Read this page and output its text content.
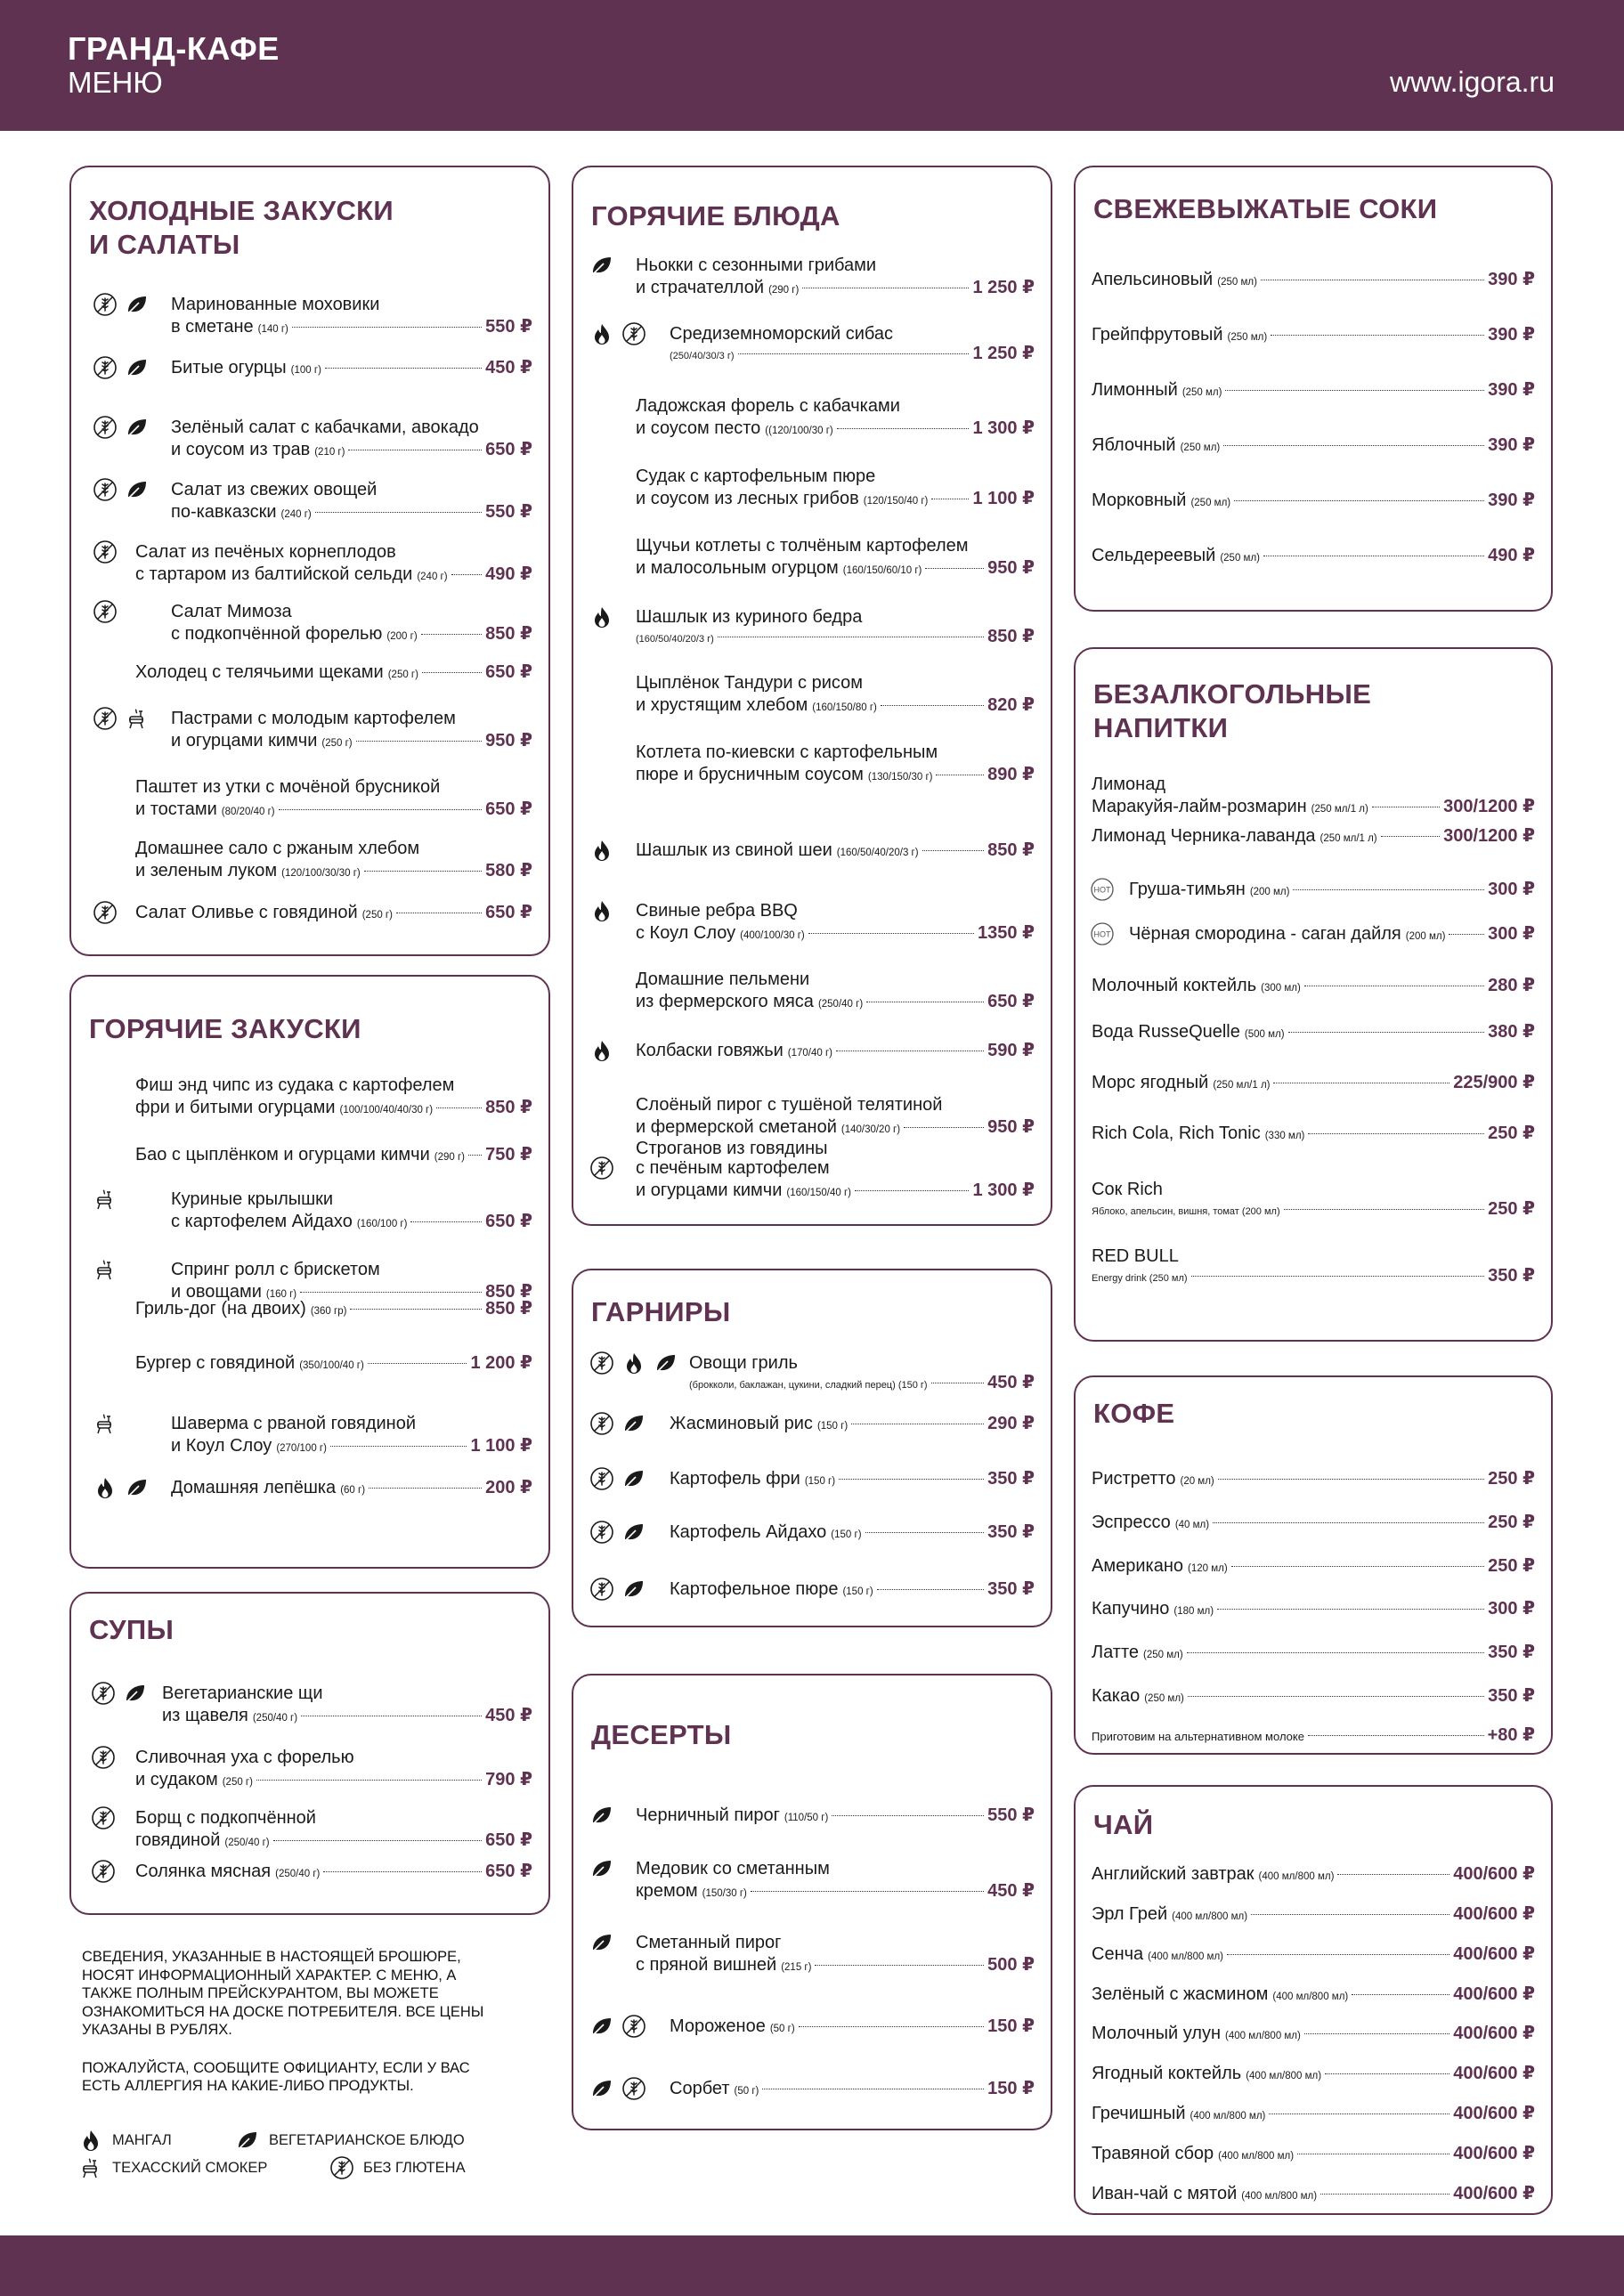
ГРАНД-КАФЕ
МЕНЮ	www.igora.ru
ХОЛОДНЫЕ ЗАКУСКИ
И САЛАТЫ
Маринованные моховики
в сметане (140 г)	550 ₽
Битые огурцы (100 г)	450 ₽
Зелёный салат с кабачками, авокадо
и соусом из трав (210 г)	650 ₽
Салат из свежих овощей
по-кавказски (240 г)	550 ₽
Салат из печёных корнеплодов
с тартаром из балтийской сельди (240 г) 490 ₽
Салат Мимоза
с подкопчённой форелью (200 г)	850 ₽
Холодец с телячьими щеками (250 г)	650 ₽
Пастрами с молодым картофелем
и огурцами кимчи (250 г)	950 ₽
Паштет из утки с мочёной брусникой
и тостами (80/20/40 г)	650 ₽
Домашнее сало с ржаным хлебом
и зеленым луком (120/100/30/30 г)	580 ₽
Салат Оливье с говядиной (250 г)	650 ₽
ГОРЯЧИЕ ЗАКУСКИ
Фиш энд чипс из судака с картофелем
фри и битыми огурцами (100/100/40/40/30 г)	850 ₽
Бао с цыплёнком и огурцами кимчи (290 г) 750 ₽
Куриные крылышки
с картофелем Айдахо (160/100 г)	650 ₽
Спринг ролл с брискетом
и овощами (160 г)	850 ₽
Гриль-дог (на двоих) (360 гр)	850 ₽
Бургер с говядиной (350/100/40 г)	1 200 ₽
Шаверма с рваной говядиной
и Коул Слоу (270/100 г)	1 100 ₽
Домашняя лепёшка (60 г)	200 ₽
СУПЫ
Вегетарианские щи
из щавеля (250/40 г)	450 ₽
Сливочная уха с форелью
и судаком (250 г)	790 ₽
Борщ с подкопчённой
говядиной (250/40 г)	650 ₽
Солянка мясная (250/40 г)	650 ₽
ГОРЯЧИЕ БЛЮДА
Ньокки с сезонными грибами
и страчателлой (290 г)	1 250 ₽
Средиземноморский сибас
(250/40/30/3 г)	1 250 ₽
Ладожская форель с кабачками
и соусом песто ((120/100/30 г)	1 300 ₽
Судак с картофельным пюре
и соусом из лесных грибов (120/150/40 г)	1 100 ₽
Щучьи котлеты с толчёным картофелем
и малосольным огурцом (160/150/60/10 г)	950 ₽
Шашлык из куриного бедра
(160/50/40/20/3 г)	850 ₽
Цыплёнок Тандури с рисом
и хрустящим хлебом (160/150/80 г)	820 ₽
Котлета по-киевски с картофельным
пюре и брусничным соусом (130/150/30 г)	890 ₽
Шашлык из свиной шеи (160/50/40/20/3 г)	850 ₽
Свиные ребра BBQ
с Коул Слоу (400/100/30 г)	1350 ₽
Домашние пельмени
из фермерского мяса (250/40 г)	650 ₽
Колбаски говяжьи (170/40 г)	590 ₽
Слоёный пирог с тушёной телятиной
и фермерской сметаной (140/30/20 г)	950 ₽
Строганов из говядины
с печёным картофелем
и огурцами кимчи (160/150/40 г)	1 300 ₽
ГАРНИРЫ
Овощи гриль
(брокколи, баклажан, цукини, сладкий перец) (150 г)	450 ₽
Жасминовый рис (150 г)	290 ₽
Картофель фри (150 г)	350 ₽
Картофель Айдахо (150 г)	350 ₽
Картофельное пюре (150 г)	350 ₽
ДЕСЕРТЫ
Черничный пирог (110/50 г)	550 ₽
Медовик со сметанным
кремом (150/30 г)	450 ₽
Сметанный пирог
с пряной вишней (215 г)	500 ₽
Мороженое (50 г)	150 ₽
Сорбет (50 г)	150 ₽
СВЕЖЕВЫЖАТЫЕ СОКИ
Апельсиновый (250 мл)	390 ₽
Грейпфрутовый (250 мл)	390 ₽
Лимонный (250 мл)	390 ₽
Яблочный (250 мл)	390 ₽
Морковный (250 мл)	390 ₽
Сельдереевый (250 мл)	490 ₽
БЕЗАЛКОГОЛЬНЫЕ
НАПИТКИ
Лимонад
Маракуйя-лайм-розмарин (250 мл/1 л)	300/1200 ₽
Лимонад Черника-лаванда (250 мл/1 л)	300/1200 ₽
HOT Груша-тимьян (200 мл)	300 ₽
HOT Чёрная смородина - саган дайля (200 мл) 300 ₽
Молочный коктейль (300 мл)	280 ₽
Вода RusseQuelle (500 мл)	380 ₽
Морс ягодный (250 мл/1 л)	225/900 ₽
Rich Cola, Rich Tonic (330 мл)	250 ₽
Сок Rich
Яблоко, апельсин, вишня, томат (200 мл)	250 ₽
RED BULL
Energy drink (250 мл)	350 ₽
КОФЕ
Ристретто (20 мл)	250 ₽
Эспрессо (40 мл)	250 ₽
Американо (120 мл)	250 ₽
Капучино (180 мл)	300 ₽
Латте (250 мл)	350 ₽
Какао (250 мл)	350 ₽
Приготовим на альтернативном молоке	+80 ₽
ЧАЙ
Английский завтрак (400 мл/800 мл)	400/600 ₽
Эрл Грей (400 мл/800 мл)	400/600 ₽
Сенча (400 мл/800 мл)	400/600 ₽
Зелёный с жасмином (400 мл/800 мл)	400/600 ₽
Молочный улун (400 мл/800 мл)	400/600 ₽
Ягодный коктейль (400 мл/800 мл)	400/600 ₽
Гречишный (400 мл/800 мл)	400/600 ₽
Травяной сбор (400 мл/800 мл)	400/600 ₽
Иван-чай с мятой (400 мл/800 мл)	400/600 ₽
СВЕДЕНИЯ, УКАЗАННЫЕ В НАСТОЯЩЕЙ БРОШЮРЕ, НОСЯТ ИНФОРМАЦИОННЫЙ ХАРАКТЕР. С МЕНЮ, А ТАКЖЕ ПОЛНЫМ ПРЕЙСКУРАНТОМ, ВЫ МОЖЕТЕ ОЗНАКОМИТЬСЯ НА ДОСКЕ ПОТРЕБИТЕЛЯ. ВСЕ ЦЕНЫ УКАЗАНЫ В РУБЛЯХ.
ПОЖАЛУЙСТА, СООБЩИТЕ ОФИЦИАНТУ, ЕСЛИ У ВАС ЕСТЬ АЛЛЕРГИЯ НА КАКИЕ-ЛИБО ПРОДУКТЫ.
МАНГАЛ	ВЕГЕТАРИАНСКОЕ БЛЮДО
ТЕХАССКИЙ СМОКЕР	БЕЗ ГЛЮТЕНА
